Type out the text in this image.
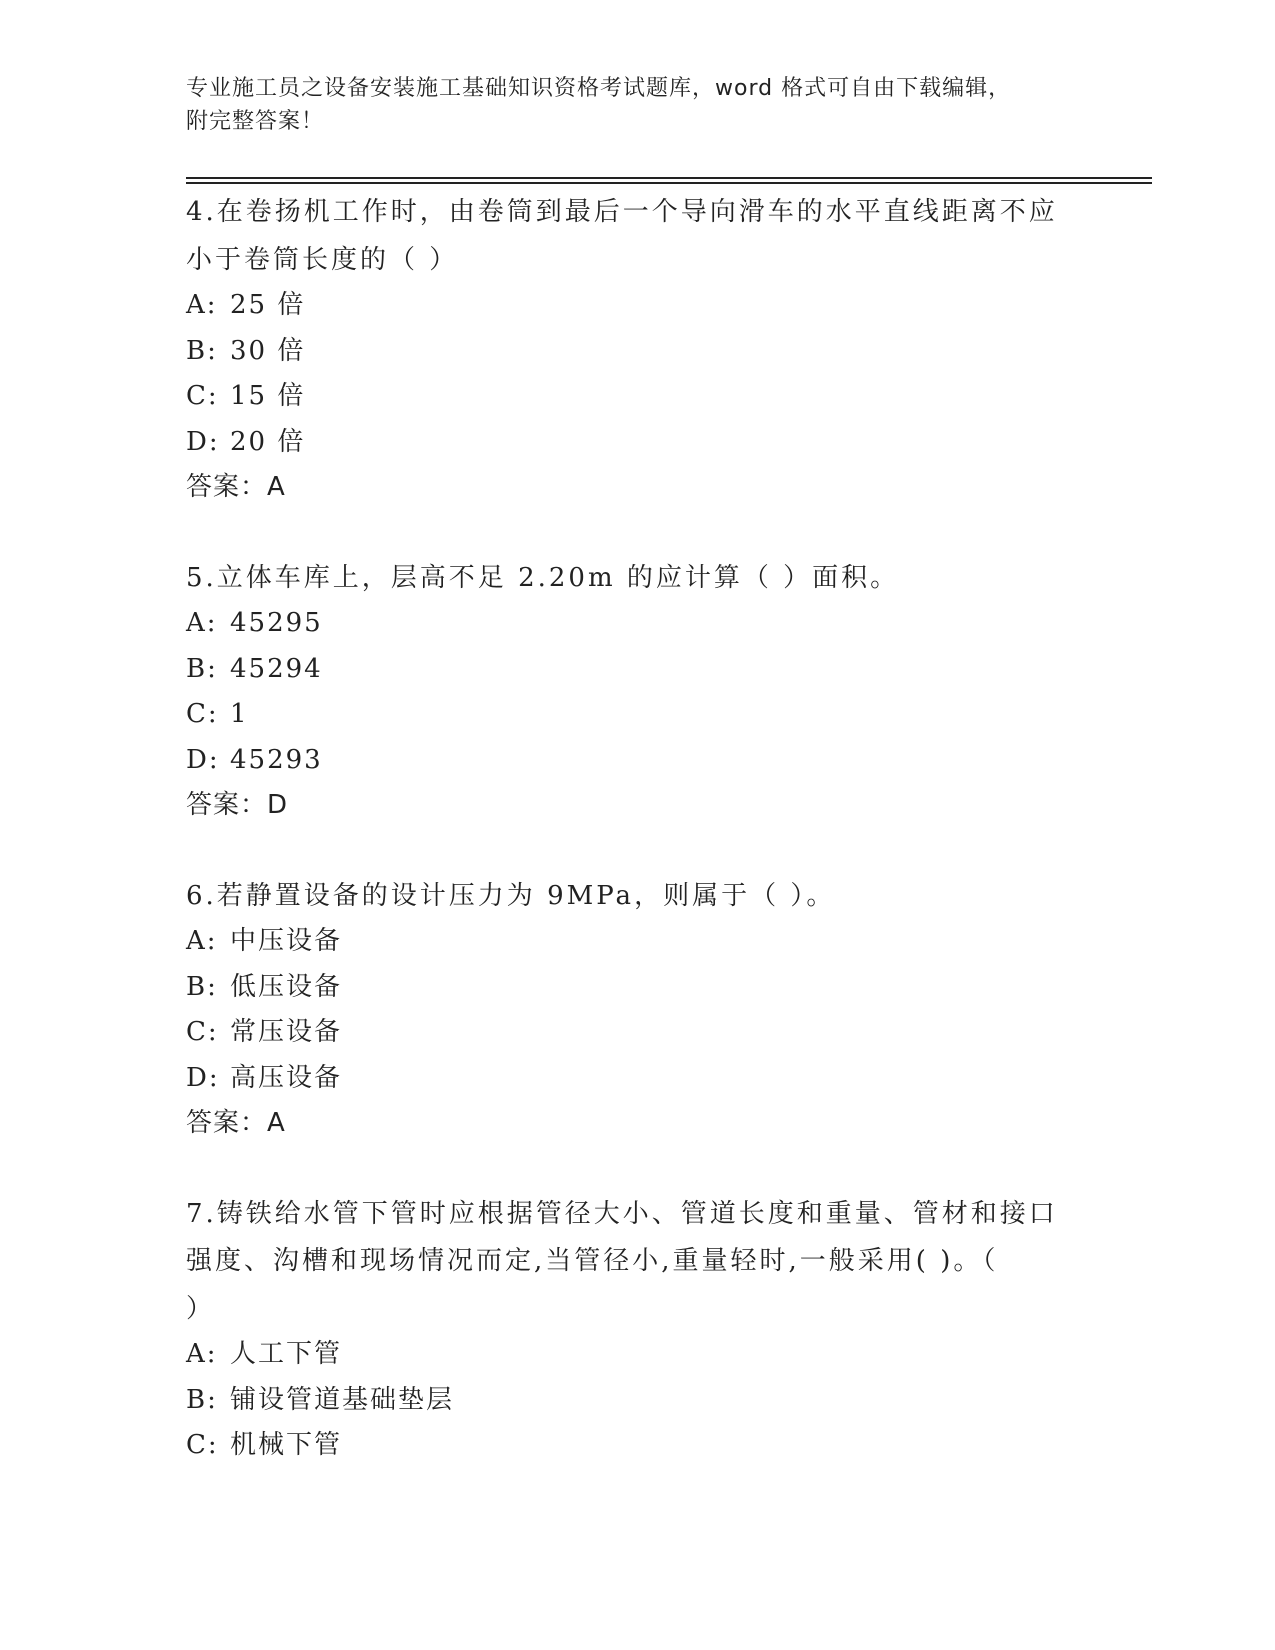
专业施工员之设备安装施工基础知识资格考试题库，word 格式可自由下载编辑，
附完整答案！
4.在卷扬机工作时，由卷筒到最后一个导向滑车的水平直线距离不应
小于卷筒长度的（ ）
A: 25 倍
B: 30 倍
C: 15 倍
D: 20 倍
答案：A
5.立体车库上，层高不足 2.20m 的应计算（ ）面积。
A: 45295
B: 45294
C: 1
D: 45293
答案：D
6.若静置设备的设计压力为 9MPa，则属于（ ）。
A: 中压设备
B: 低压设备
C: 常压设备
D: 高压设备
答案：A
7.铸铁给水管下管时应根据管径大小、管道长度和重量、管材和接口
强度、沟槽和现场情况而定,当管径小,重量轻时,一般采用( )。（
）
A: 人工下管
B: 铺设管道基础垫层
C: 机械下管
